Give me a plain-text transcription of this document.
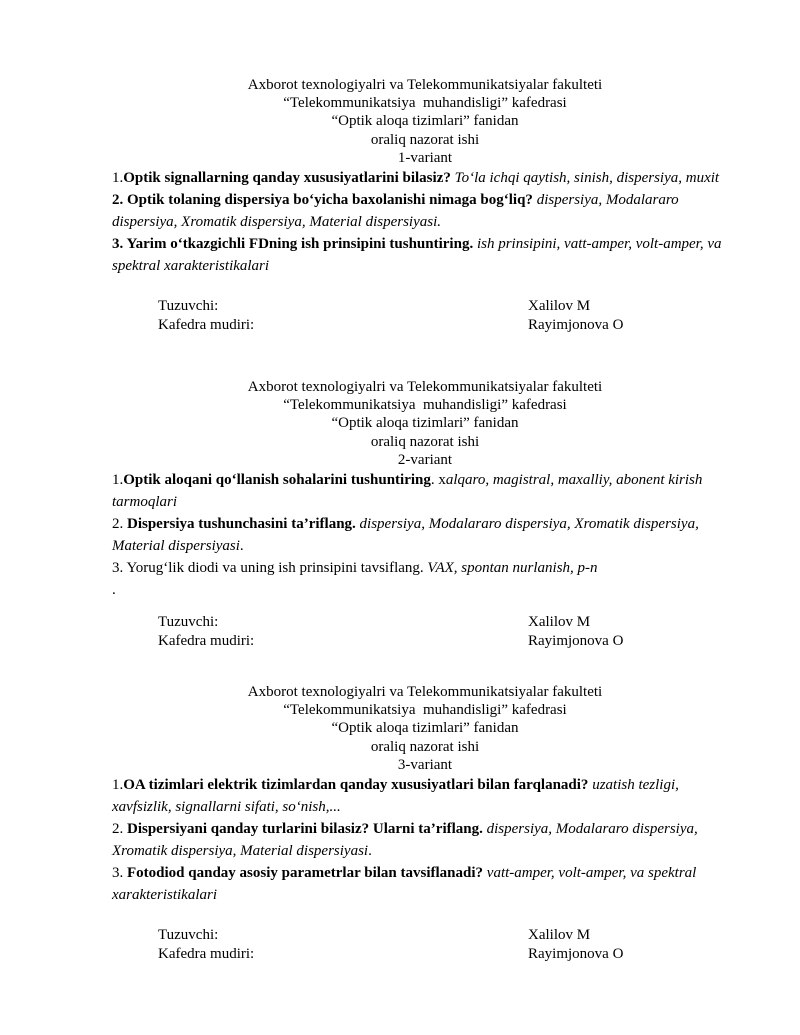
Axborot texnologiyalri va Telekommunikatsiyalar fakulteti
“Telekommunikatsiya  muhandisligi” kafedrasi
“Optik aloqa tizimlari” fanidan
oraliq nazorat ishi
1-variant

1.Optik signallarning qanday xususiyatlarini bilasiz? To‘la ichqi qaytish, sinish, dispersiya, muxit

2. Optik tolaning dispersiya bo‘yicha baxolanishi nimaga bog‘liq? dispersiya, Modalararo dispersiya, Xromatik dispersiya, Material dispersiyasi.

3. Yarim o‘tkazgichli FDning ish prinsipini tushuntiring. ish prinsipini, vatt-amper, volt-amper, va spektral xarakteristikalari

Tuzuvchi:	Xalilov M
Kafedra mudiri:	Rayimjonova O
Axborot texnologiyalri va Telekommunikatsiyalar fakulteti
“Telekommunikatsiya  muhandisligi” kafedrasi
“Optik aloqa tizimlari” fanidan
oraliq nazorat ishi
2-variant

1.Optik aloqani qo‘llanish sohalarini tushuntiring. xalqaro, magistral, maxalliy, abonent kirish tarmoqlari

2. Dispersiya tushunchasini ta’riflang. dispersiya, Modalararo dispersiya, Xromatik dispersiya, Material dispersiyasi.

3. Yorug‘lik diodi va uning ish prinsipini tavsiflang. VAX, spontan nurlanish, p-n

.
Tuzuvchi:	Xalilov M
Kafedra mudiri:	Rayimjonova O
Axborot texnologiyalri va Telekommunikatsiyalar fakulteti
“Telekommunikatsiya  muhandisligi” kafedrasi
“Optik aloqa tizimlari” fanidan
oraliq nazorat ishi
3-variant

1.OA tizimlari elektrik tizimlardan qanday xususiyatlari bilan farqlanadi? uzatish tezligi, xavfsizlik, signallarni sifati, so‘nish,...

2. Dispersiyani qanday turlarini bilasiz? Ularni ta’riflang. dispersiya, Modalararo dispersiya, Xromatik dispersiya, Material dispersiyasi.

3. Fotodiod qanday asosiy parametrlar bilan tavsiflanadi? vatt-amper, volt-amper, va spektral xarakteristikalari

Tuzuvchi:	Xalilov M
Kafedra mudiri:	Rayimjonova O
